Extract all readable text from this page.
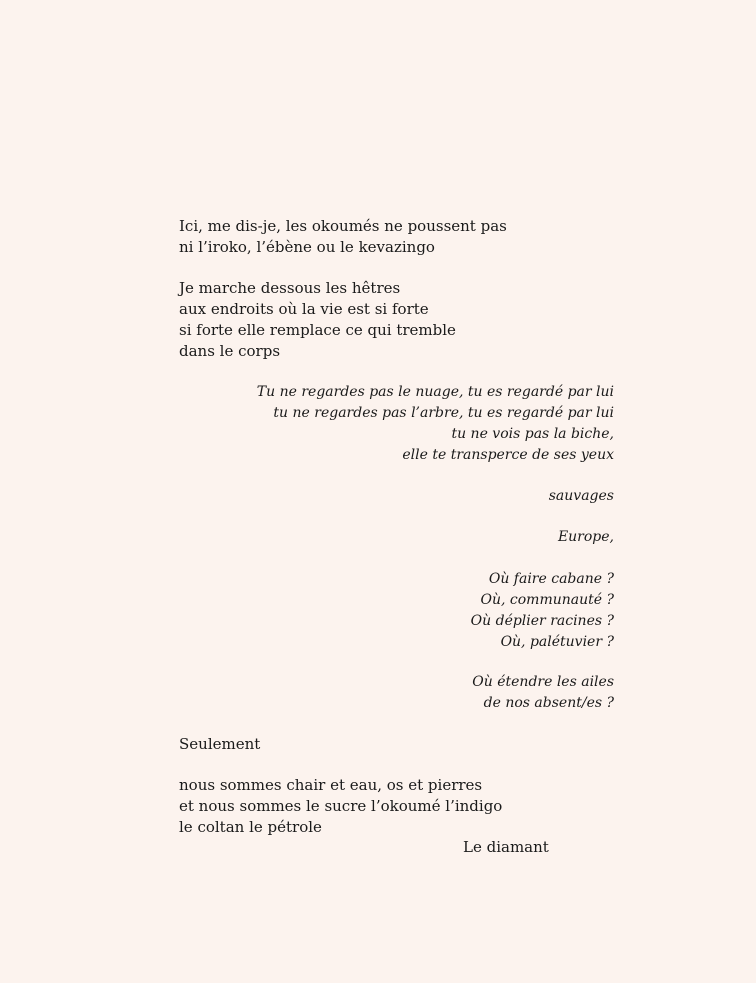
Ici, me dis-je, les okoumés ne poussent pas
ni l’iroko, l’ébène ou le kevazingo
Je marche dessous les hêtres
aux endroits où la vie est si forte
si forte elle remplace ce qui tremble
dans le corps
Tu ne regardes pas le nuage, tu es regardé par lui
tu ne regardes pas l’arbre, tu es regardé par lui
tu ne vois pas la biche,
elle te transperce de ses yeux
sauvages
Europe,
Où faire cabane ?
Où, communauté ?
Où déplier racines ?
Où, palétuvier ?
Où étendre les ailes
de nos absent/es ?
Seulement
nous sommes chair et eau, os et pierres
et nous sommes le sucre l’okoumé l’indigo
le coltan le pétrole
Le diamant
